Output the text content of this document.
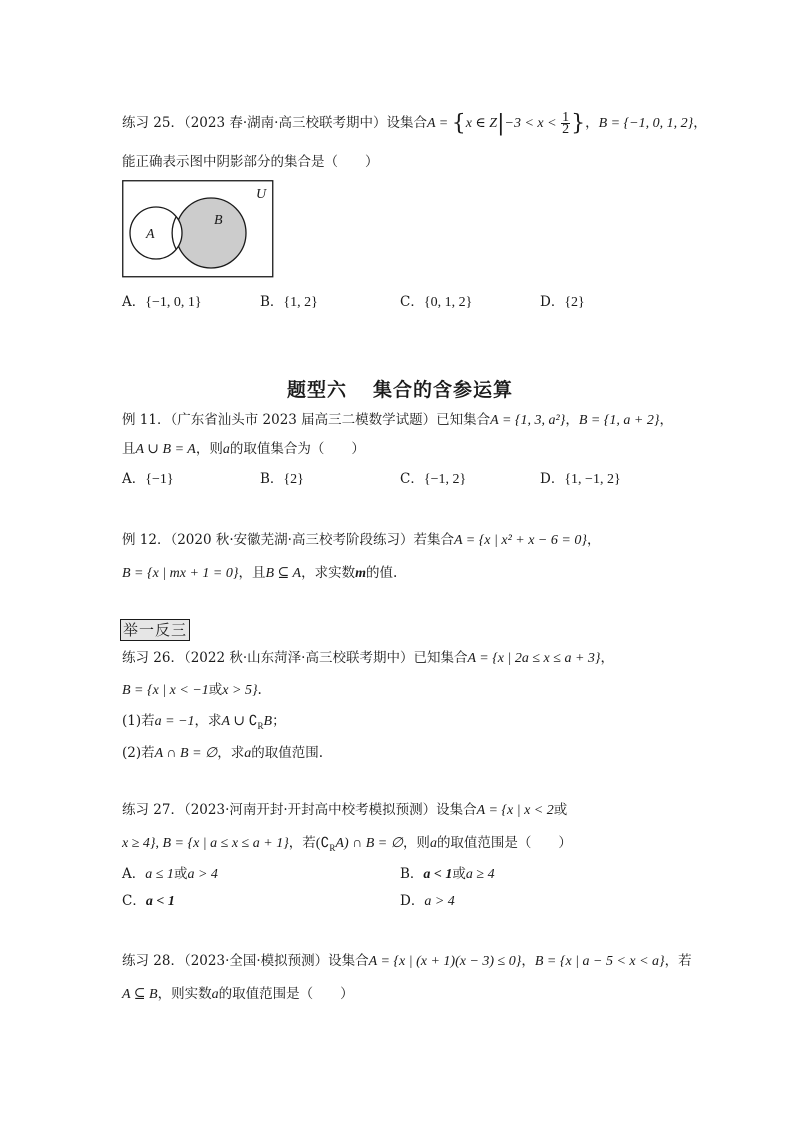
练习 25．（2023 春·湖南·高三校联考期中）设集合A = {x ∈ $Z|-3 < x < \frac{1}{2}$ }，B = {−1, 0, 1, 2}，
能正确表示图中阴影部分的集合是（　　）
U
A
B
A．{−1, 0, 1}	B．{1, 2}	C．{0, 1, 2}	D．{2}
题型六 集合的含参运算
例 11．（广东省汕头市 2023 届高三二模数学试题）已知集合A = {1, 3, a²}，B = {1, a + 2}，
且A ∪ B = A，则a的取值集合为（　　）
A．{−1}	B．{2}	C．{−1, 2}	D．{1, −1, 2}
例 12．（2020 秋·安徽芜湖·高三校考阶段练习）若集合A = {x | x² + x − 6 = 0}，
B = {x | mx + 1 = 0}，且B ⊆ A，求实数m的值.
举一反三
练习 26．（2022 秋·山东菏泽·高三校联考期中）已知集合A = {x | 2a ≤ x ≤ a + 3}，
B = {x | x < −1或x > 5}.
(1)若a = −1，求A ∪ $∁_RB$；
(2)若A ∩ B = ∅，求a的取值范围.
练习 27．（2023·河南开封·开封高中校考模拟预测）设集合A = {x | x < 2或
x ≥ 4}, B = {x | a ≤ x ≤ a + 1}，若$(∁_RA)$ ∩ B = ∅，则a的取值范围是（　　）
A．a ≤ 1或a > 4	B．a < 1或a ≥ 4
C．a < 1	D．a > 4
练习 28．（2023·全国·模拟预测）设集合A = {x | (x + 1)(x − 3) ≤ 0}，B = {x | a − 5 < x < a}，若
A ⊆ B，则实数a的取值范围是（　　）
